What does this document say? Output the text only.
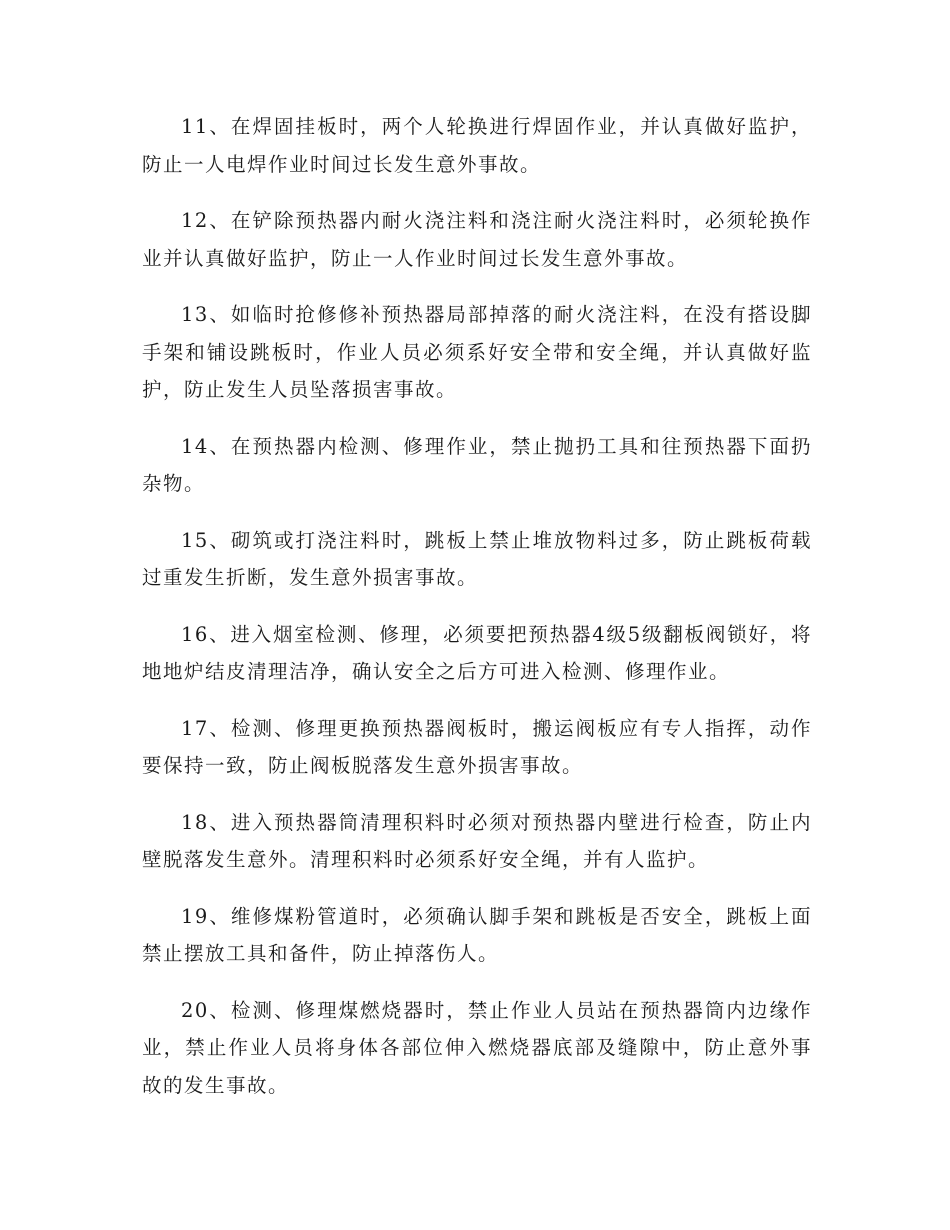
11、在焊固挂板时，两个人轮换进行焊固作业，并认真做好监护，防止一人电焊作业时间过长发生意外事故。

12、在铲除预热器内耐火浇注料和浇注耐火浇注料时，必须轮换作业并认真做好监护，防止一人作业时间过长发生意外事故。

13、如临时抢修修补预热器局部掉落的耐火浇注料，在没有搭设脚手架和铺设跳板时，作业人员必须系好安全带和安全绳，并认真做好监护，防止发生人员坠落损害事故。

14、在预热器内检测、修理作业，禁止抛扔工具和往预热器下面扔杂物。

15、砌筑或打浇注料时，跳板上禁止堆放物料过多，防止跳板荷载过重发生折断，发生意外损害事故。

16、进入烟室检测、修理，必须要把预热器4级5级翻板阀锁好，将地地炉结皮清理洁净，确认安全之后方可进入检测、修理作业。

17、检测、修理更换预热器阀板时，搬运阀板应有专人指挥，动作要保持一致，防止阀板脱落发生意外损害事故。

18、进入预热器筒清理积料时必须对预热器内壁进行检查，防止内壁脱落发生意外。清理积料时必须系好安全绳，并有人监护。

19、维修煤粉管道时，必须确认脚手架和跳板是否安全，跳板上面禁止摆放工具和备件，防止掉落伤人。

20、检测、修理煤燃烧器时，禁止作业人员站在预热器筒内边缘作业，禁止作业人员将身体各部位伸入燃烧器底部及缝隙中，防止意外事故的发生事故。
